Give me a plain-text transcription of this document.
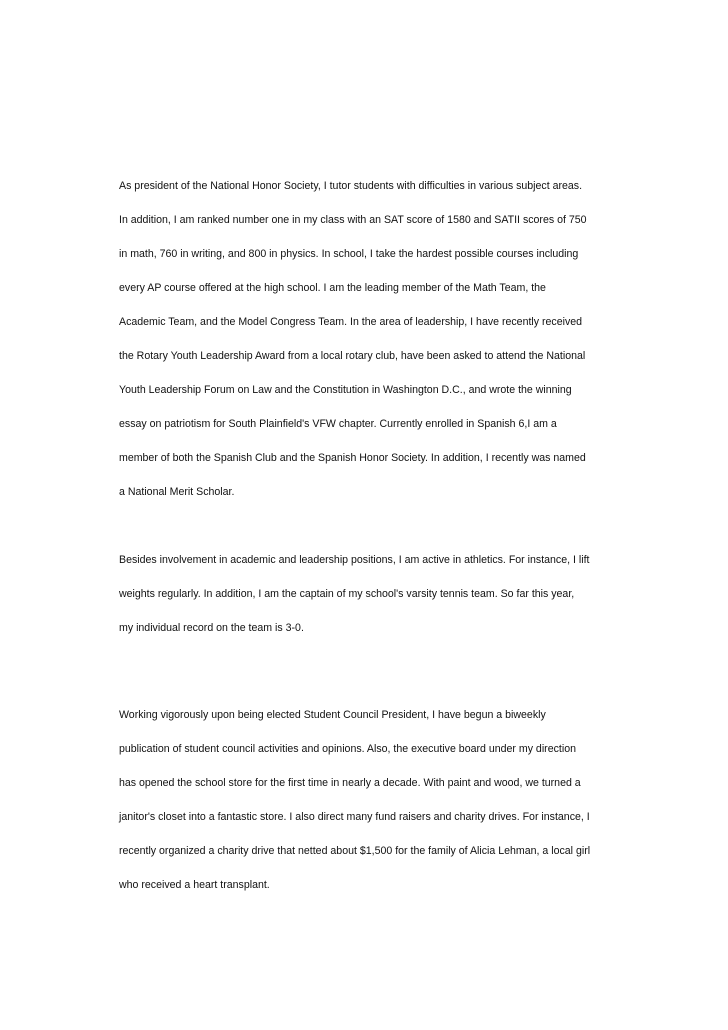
As president of the National Honor Society, I tutor students with difficulties in various subject areas.
In addition, I am ranked number one in my class with an SAT score of 1580 and SATII scores of 750
in math, 760 in writing, and 800 in physics. In school, I take the hardest possible courses including
every AP course offered at the high school. I am the leading member of the Math Team, the
Academic Team, and the Model Congress Team. In the area of leadership, I have recently received
the Rotary Youth Leadership Award from a local rotary club, have been asked to attend the National
Youth Leadership Forum on Law and the Constitution in Washington D.C., and wrote the winning
essay on patriotism for South Plainfield's VFW chapter. Currently enrolled in Spanish 6,I am a
member of both the Spanish Club and the Spanish Honor Society. In addition, I recently was named
a National Merit Scholar.
Besides involvement in academic and leadership positions, I am active in athletics. For instance, I lift
weights regularly. In addition, I am the captain of my school's varsity tennis team. So far this year,
my individual record on the team is 3-0.
Working vigorously upon being elected Student Council President, I have begun a biweekly
publication of student council activities and opinions. Also, the executive board under my direction
has opened the school store for the first time in nearly a decade. With paint and wood, we turned a
janitor's closet into a fantastic store. I also direct many fund raisers and charity drives. For instance, I
recently organized a charity drive that netted about $1,500 for the family of Alicia Lehman, a local girl
who received a heart transplant.
